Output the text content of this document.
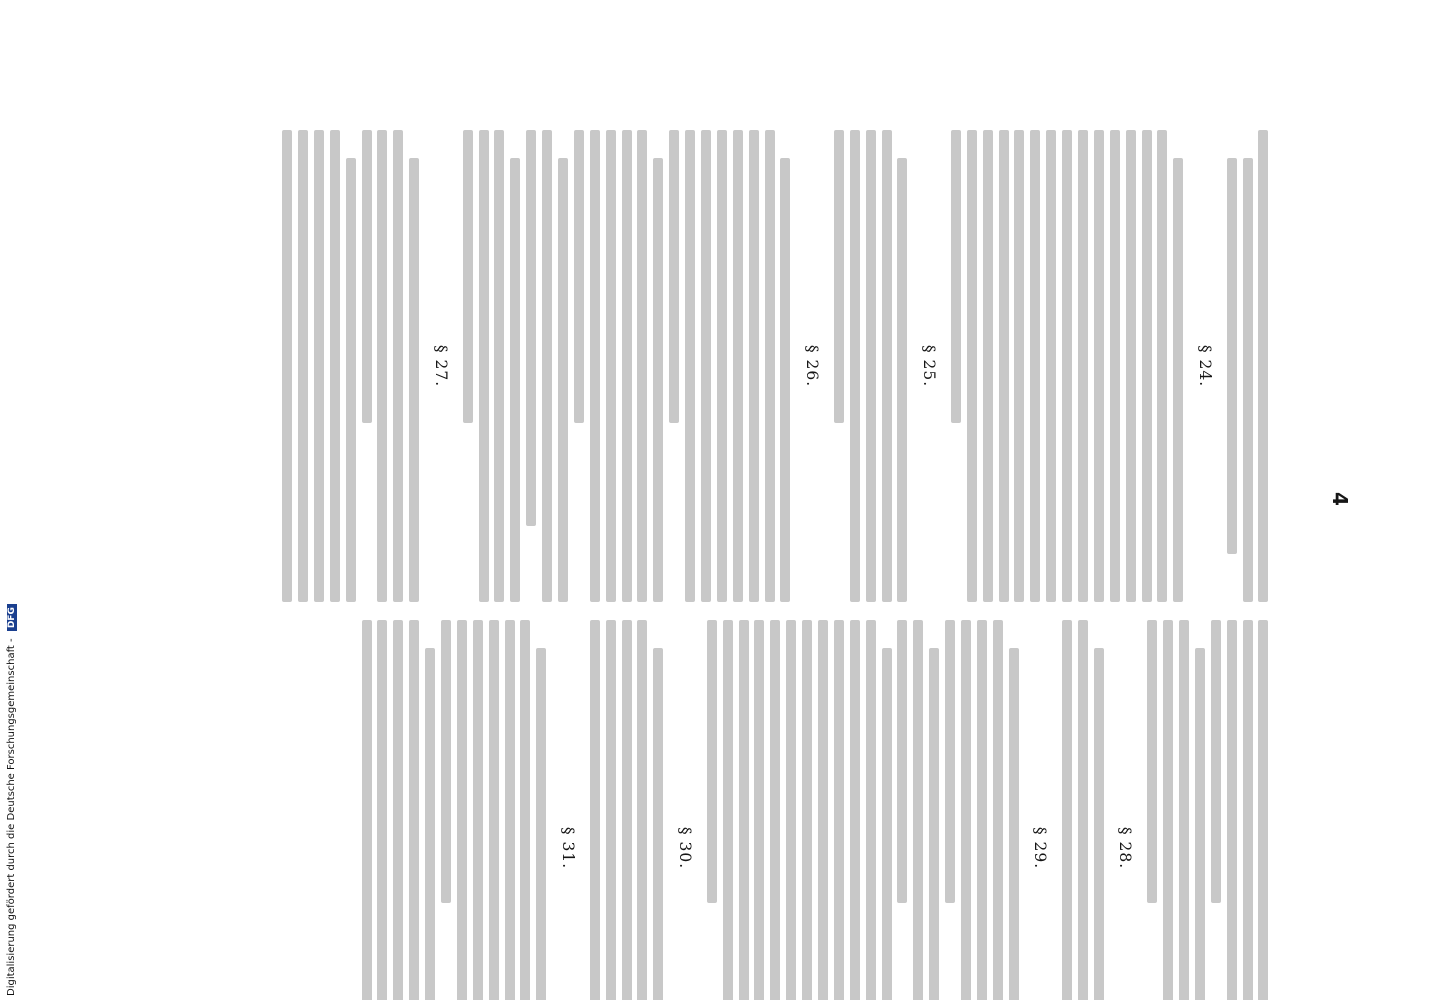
4
§ 24.
§ 25.
§ 26.
§ 27.
§ 28.
§ 29.
§ 30.
§ 31.
Digitalisierung gefördert durch die Deutsche Forschungsgemeinschaft - DFG
